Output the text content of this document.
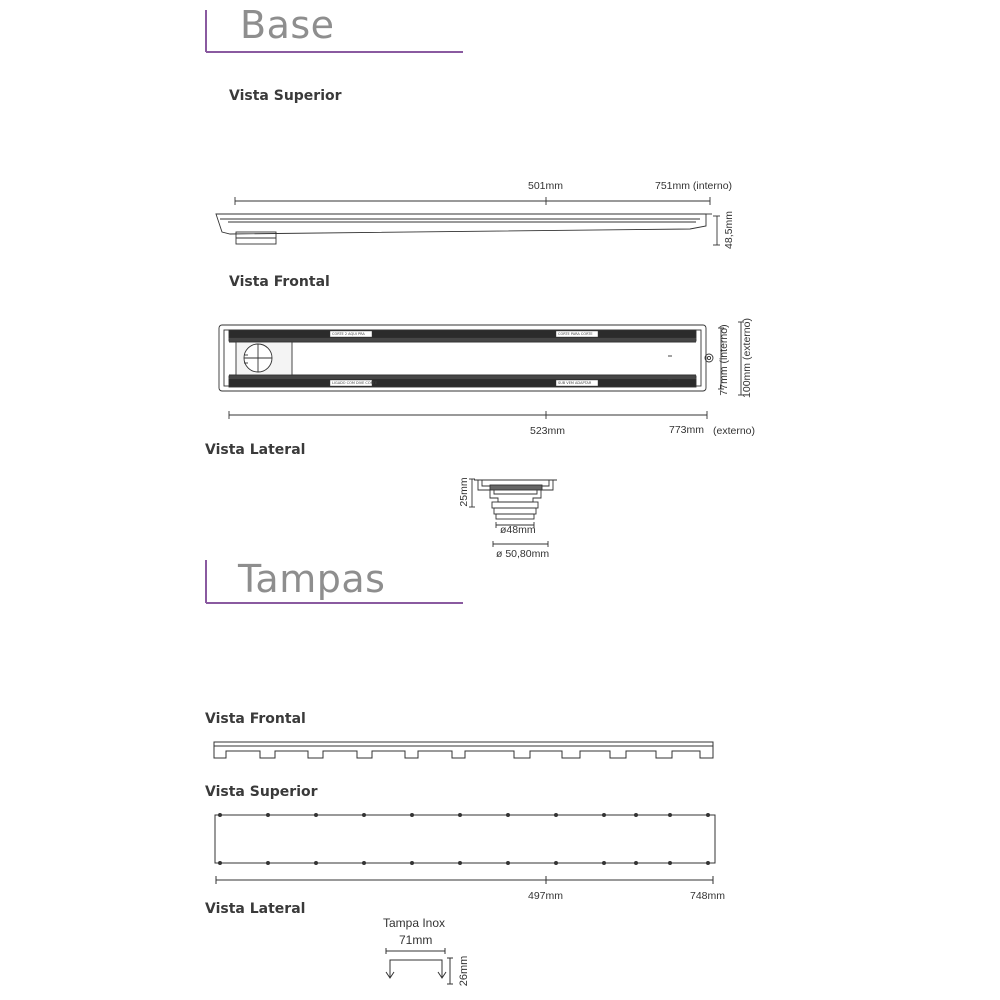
Base
Vista Superior
501mm	751mm (interno)
48,5mm
Vista Frontal
CORTE 2 AQUI PRA	CORTE PARA CORTE
LIGADO COM DIVE CORTE	SUB VEM ADAPTAR	77mm (interno) 100mm (externo)
523mm	773mm (externo)
Vista Lateral
25mm
ø48mm
ø 50,80mm
Tampas
Vista Frontal
Vista Superior
497mm	748mm
Vista Lateral
Tampa Inox
71mm
26mm
